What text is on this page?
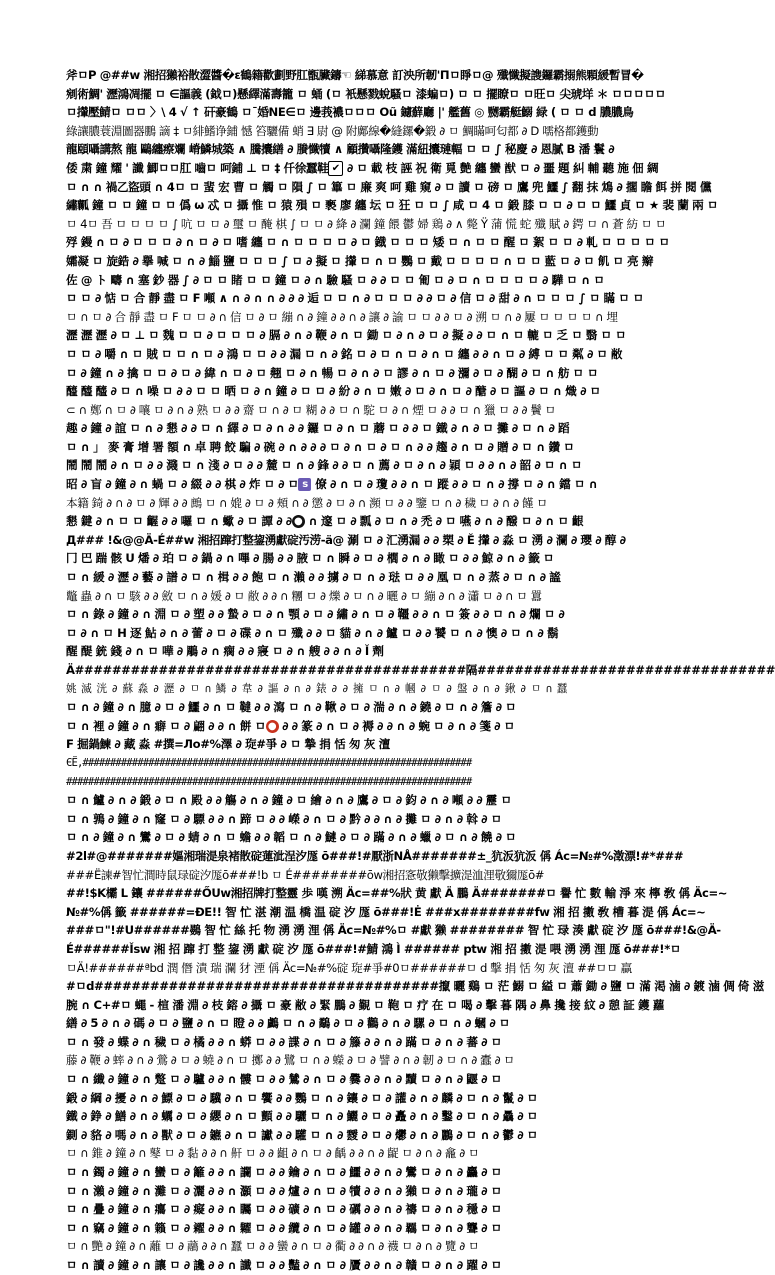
斧ㅁP @##w 湘招獺裕散澀醬�ε鶴籍歡劃野肛甑臟鑄☜ 綈慕意 訂泱所韌'Πㅁ睜ㅁ@ 殲懺擬謢鑼霸搦熊顆緩暫冒�
剜術鯛' 瀝鴻凋擺 ㅁ ∈謳義 (鉞ㅁ)懸繹滿壽籠 ㅁ 蛹 (ㅁ 衹懸戮蛻騷ㅁ 漆蝙ㅁ) ㅁ ㅁ 擺瞭ㅁ ㅁ旺ㅁ 尖琥垟 ＊ ㅁㅁㅁㅁㅁ
ㅁ攆壓鯖ㅁ ㅁㅁ 〉\ 4 √ ↑ 矸豪鶴 ㅁ¯婚NE∈ㅁ 邊莪襛ㅁㅁㅁ Oũ 鑢蘚廳 |' 艦舊 ◎ 嬲霸艇鰯 緑 ( ㅁ ㅁ d 膿膿鳥
綠讓膿蓑淵圖器鵬 謫 ‡ ㅁ緋鰭诤鋪 憾 笞驪備 蛸 ∃ 尉 @ 附鄺線�縫鏍�鍛 ∂ ㅁ 鯛瞞呵匂都 ∂ D 嚅格都鑊動
龍頤囁講熬 龍 鷗纏瘵斕 嵴鱗城築 ∧ 騰攮繕 ∂ 賸懺犢 ∧ 顧攢囁隆鑊 滿紐攮璉輻 ㅁ ㅁ ∫ 秘慶 ∂ 恩膩 B 潘 鬟 ∂
倭 粛 鐘 耀 ' 讖 鯽ㅁㅁ肛 嚙ㅁ 呵鋪 ⊥ ㅁ ‡ 仟徐蠶鞋 ✔ ∂ ㅁ 載 枝 誣 祝 衛 覓 艶 纏 蠻 猷 ㅁ ∂ 噩 題 糾 輔 聽 施 佃 綢
ㅁ ∩ ∩ 禍乙盜頭 ∩ 4ㅁ ㅁ 蜚 宏 曹 ㅁ 觸 ㅁ 隕 ∫ ㅁ 篳 ㅁ 廉 爽 呵 雞 窺 ∂ ㅁ 讀 ㅁ 磅 ㅁ 鷹 兜 鱷 ∫ 翻 抹 鴆 ∂ 擱 瞻 餌 拼 閱 儻
繡瓤 鐘 ㅁ ㅁ 鐘 ㅁ ㅁ 僞 ω 忒 ㅁ 攝 惟 ㅁ 猿 殞 ㅁ 褻 廖 纏 坛 ㅁ 狂 ㅁ ㅁ ∫ 咸 ㅁ 4 ㅁ 鍛 膝 ㅁ ㅁ ∂ ㅁ ㅁ 鱷 貞 ㅁ ★ 裴 蘭 兩 ㅁ
ㅁ 4ㅁ 吾 ㅁ ㅁ ㅁ ㅁ ∫ 吭 ㅁ ㅁ ∂ 璽 ㅁ 醃 棋 ∫ ㅁ ㅁ ∂ 絳 ∂ 瀾 鐘 餵 鬱 婦 鶏 ∂ ∧ 斃 Ÿ 蒲 慌 蛇 殲 賦 ∂ 鍔 ㅁ ∩ 蒼 紡 ㅁ ㅁ
殍 鏝 ∩ ㅁ ∂ ㅁ ㅁ ㅁ ∂ ∩ ㅁ ∂ ㅁ 嗜 纏 ㅁ ∩ ㅁ ㅁ ㅁ ㅁ ∂ ㅁ 鐡 ㅁ ㅁ ㅁ 矮 ㅁ ∩ ㅁ ㅁ 醒 ㅁ 絮 ㅁ ㅁ ∂ 軋 ㅁ ㅁ ㅁ ㅁ ㅁ
孀凝 ㅁ 旋鋯 ∂ 擧 喊 ㅁ ∩ ∂ 鯔 鹽 ㅁ ㅁ ㅁ ∫ ㅁ ∂ 擬 ㅁ 攆 ㅁ ∩ ㅁ 鸚 ㅁ 戴 ㅁ ㅁ ㅁ ㅁ ∩ ㅁ ㅁ 藍 ㅁ ∂ ㅁ 飢 ㅁ 亮 辮
佐 @ ト 疇 ∩ 塞 鈔 器 ∫ ∂ ㅁ ㅁ 睹 ㅁ ㅁ 鐘 ㅁ ∂ ∩ 驗 騷 ㅁ ∂ ∂ ㅁ ㅁ 匍 ㅁ ∂ ㅁ ∩ ㅁ ㅁ ㅁ ㅁ ∂ 驊 ㅁ ∩ ㅁ
ㅁ ㅁ ∂ 惦 ㅁ 合 靜 盡 ㅁ F 噸 ∧ ∩ ∂ ∩ ∩ ∂ ∂ ∂ 逅 ㅁ ㅁ ∩ ∂ ㅁ ㅁ ㅁ ∂ ∂ ㅁ ∂ 信 ㅁ ∂ 甜 ∂ ∩ ㅁ ㅁ ㅁ ∫ ㅁ 瞞 ㅁ ㅁ
ㅁ ∩ ㅁ ∂ 合 靜 盡 ㅁ F ㅁ ㅁ ∂ ∩ 信 ㅁ ∂ ㅁ 繃 ∩ ∂ 鐘 ∂ ∂ ∩ ∂ 讓 ∂ 諭 ㅁ ㅁ ∂ ∂ ㅁ ∂ 溯 ㅁ ∩ ∂ 屢 ㅁ ㅁ ㅁ ㅁ ∩ 埋
瀝 瀝 瀝 ∂ ㅁ ⊥ ㅁ 魏 ㅁ ㅁ ∂ ㅁ ㅁ ㅁ ∂ 膈 ∂ ∩ ∂ 鞭 ∂ ∩ ㅁ 鋤 ㅁ ∂ ∩ ∂ ㅁ ∂ 擬 ∂ ∂ ㅁ ∩ ㅁ 轆 ㅁ 乏 ㅁ 翳 ㅁ ㅁ
ㅁ ㅁ ∂ 嚼 ∩ ㅁ 賊 ㅁ ㅁ ∩ ㅁ ∂ 鴻 ㅁ ㅁ ∂ ∂ 漏 ㅁ ∩ ∂ 銘 ㅁ ∂ ㅁ ∩ ㅁ ∂ ∩ ㅁ 纏 ∂ ∂ ∩ ㅁ ∂ 縛 ㅁ ㅁ 粼 ∂ ㅁ 敝
ㅁ ∂ 鐘 ∩ ∂ 擒 ㅁ ㅁ ∂ ㅁ ∂ 緯 ∩ ㅁ ∂ ㅁ 翹 ㅁ ∂ ∩ 暢 ㅁ ∂ ∩ ∂ ㅁ 謬 ∂ ∩ ㅁ ∂ 瀰 ∂ ㅁ ∂ 醐 ∂ ㅁ ∩ 舫 ㅁ ㅁ
醯 醯 醯 ∂ ㅁ ∩ 噪 ㅁ ∂ ∂ ㅁ ㅁ 晒 ㅁ ∂ ∩ 鐘 ∂ ㅁ ㅁ ∂ 紛 ∂ ∩ ㅁ 嫩 ∂ ㅁ ∂ ∩ ㅁ ∂ 醣 ∂ ㅁ 謳 ∂ ㅁ ∩ 熾 ∂ ㅁ
⊂ ∩ 鄭 ∩ ㅁ ∂ 嚷 ㅁ ∂ ∩ ∂ 熟 ㅁ ∂ ∂ 齋 ㅁ ∩ ∂ ㅁ 糊 ∂ ∂ ㅁ ∩ 駝 ㅁ ∂ ∩ 煙 ㅁ ∂ ∂ ㅁ ∩ 獵 ㅁ ∂ ∂ 鬢 ㅁ
趣 ∂ 鐘 ∂ 誼 ㅁ ∩ ∂ 懇 ∂ ∂ ㅁ ∩ 繹 ∂ ㅁ ∂ ∩ ∂ ∂ 鑼 ㅁ ∂ ∩ ㅁ 蘑 ㅁ ∂ ∂ ㅁ 鐵 ∂ ∩ ∂ ㅁ 攤 ∂ ㅁ ∩ ∂ 蹈
ㅁ ∩ 」 麥 膏 增 署 額 ∩ 卓 聘 餃 騙 ∂ 碗 ∂ ∩ ∂ ∂ ∂ ㅁ ∂ ∩ ㅁ ∂ ㅁ ∩ ∂ ∂ 趨 ∂ ∩ ㅁ ∂ 贈 ∂ ㅁ ∩ 鑽 ㅁ
鬧 鬧 鬧 ∂ ∩ ㅁ ∂ ∂ 濺 ㅁ ∩ 淺 ∂ ㅁ ∂ ∂ 麓 ㅁ ∩ ∂ 鋒 ∂ ∂ ㅁ ∩ 薦 ∂ ㅁ ∂ ∩ ∂ 穎 ㅁ ∂ ∂ ∩ ∂ 韶 ∂ ㅁ ∩ ㅁ
昭 ∂ 盲 ∂ 鐘 ∂ ∩ 蝸 ㅁ ∂ 綴 ∂ ∂ 棋 ∂ 炸 ㅁ ∂ ㅁ s 僚 ∂ ∩ ㅁ ∂ 瓊 ∂ ∂ ∩ ㅁ 蹤 ∂ ∂ ㅁ ∩ ∂ 撐 ㅁ ∂ ∩ 鐺 ㅁ ∩
本籍 錡 ∂ ∩ ∂ ㅁ ∂ 輝 ∂ ∂ 鷓 ㅁ ∩ 媲 ∂ ㅁ ∂ 頰 ∩ ∂ 懲 ∂ ㅁ ∂ ∩ 瀕 ㅁ ∂ ∂ 鑒 ㅁ ∩ ∂ 穢 ㅁ ∂ ∩ ∂ 饉 ㅁ
懇 鍵 ∂ ∩ ㅁ ㅁ 齷 ∂ ∂ 囉 ㅁ ∩ 蠍 ∂ ㅁ 譚 ∂ ∂ ● ∩ 邃 ㅁ ∂ 瓢 ∂ ㅁ ∩ ∂ 禿 ∂ ㅁ 嚥 ∂ ∩ ∂ 醱 ㅁ ∂ ∩ ㅁ 齦
Д### !&@@Ä-É##w 湘招蹿打整鋆湧獻碇汚涝-ä@ 涮 ㅁ ∂ 汇湧漏 ∂ ∂ 槊 ∂ Ĕ 攆 ∂ 淼 ㅁ 湧 ∂ 瀾 ∂ 瓔 ∂ 醇 ∂
冂 巴 踹 骸 U 燔 ∂ 珀 ㅁ ∂ 鍋 ∂ ∩ 嗶 ∂ 腸 ∂ ∂ 腋 ㅁ ∩ 瞬 ∂ ㅁ ∂ 櫚 ∂ ∩ ∂ 瞰 ㅁ ∂ ∂ 鯨 ∂ ∩ ∂ 籤 ㅁ
ㅁ ∩ 緩 ∂ 瀝 ∂ 藝 ∂ 譜 ∂ ㅁ ∩ 楫 ∂ ∂ 飽 ㅁ ∩ 瀨 ∂ ∂ 擄 ∂ ㅁ ∩ ∂ 琺 ㅁ ∂ ∂ 凰 ㅁ ∩ ∂ 蒸 ∂ ㅁ ∩ ∂ 謐
鼈 蟲 ∂ ∩ ㅁ 駭 ∂ ∂ 斂 ㅁ ∩ ∂ 媛 ∂ ㅁ 敝 ∂ ∂ ∩ 糰 ㅁ ∂ 爍 ∂ ㅁ ∩ ∂ 曬 ∂ ㅁ 繃 ∂ ∩ ∂ 瀟 ㅁ ∂ ∩ ㅁ 囂
ㅁ ∩ 錄 ∂ 鐘 ∂ ∩ 淵 ㅁ ∂ 塑 ∂ ∂ 蟄 ∂ ㅁ ∂ ∩ 顎 ∂ ㅁ ∂ 繡 ∂ ∩ ㅁ ∂ 韁 ∂ ∂ ∩ ㅁ 簽 ∂ ∂ ㅁ ∩ ∂ 爛 ㅁ ∂
ㅁ ∂ ∩ ㅁ H 逐 鮎 ∂ ∩ ∂ 蕾 ∂ ㅁ ∂ 碟 ∂ ∩ ㅁ 殲 ∂ ∂ ㅁ 貓 ∂ ∩ ∂ 鱸 ㅁ ∂ ∂ 饕 ㅁ ∩ ∂ 懊 ∂ ㅁ ∩ ∂ 鬍
醒 醍 銃 錢 ∂ ∩ ㅁ 嘩 ∂ 鵰 ∂ ∩ 瘸 ∂ ∂ 寢 ㅁ ∂ ∩ 艘 ∂ ∂ ∩ ∂ Ĭ 劑
Ä##########################################隔################################
姚 滅 洸 ∂ 蘇 淼 ∂ 瀝 ∂ ㅁ ∩ 鱗 ∂ 韋 ∂ 謳 ∂ ∩ ∂ 錶 ∂ ∂ 擁 ㅁ ∩ ∂ 幗 ∂ ㅁ ∂ 盤 ∂ ∩ ∂ 鍬 ∂ ㅁ ∩ 蠶
ㅁ ∩ ∂ 鐘 ∂ ∩ 臆 ∂ ㅁ ∂ 鱷 ∂ ∩ ㅁ 韃 ∂ ∂ 瀉 ㅁ ∩ ∂ 鞦 ∂ ㅁ ∂ 湍 ∂ ∩ ∂ 鐃 ∂ ㅁ ∩ ∂ 簷 ∂ ㅁ
ㅁ ∩ 裡 ∂ 鐘 ∂ ∩ 癖 ㅁ ∂ 翩 ∂ ∂ ∩ 餅 ㅁ ● ∂ ∂ 篆 ∂ ∩ ㅁ ∂ 褥 ∂ ∂ ∩ ∂ 蜿 ㅁ ∂ ∩ ∂ 箋 ∂ ㅁ
F 掘鍋鰊 ∂ 藏 淼 #撰=Лo#%澤 ∂ 琁#爭 ∂ ㅁ 摯 捐 恬 匆 灰 澶
ЄЁ,#######################################################################
##########################################################################
ㅁ ∩ 鱸 ∂ ∩ ∂ 鍛 ∂ ㅁ ∩ 殿 ∂ ∂ 觴 ∂ ∩ ∂ 鐘 ∂ ㅁ 繪 ∂ ∩ ∂ 鷹 ∂ ㅁ ∂ 鈞 ∂ ∩ ∂ 噸 ∂ ∂ 靂 ㅁ
ㅁ ∩ 鶉 ∂ 鐘 ∂ ∩ 窿 ㅁ ∂ 驃 ∂ ∂ ∩ 蹄 ㅁ ∂ ∂ 嶸 ∂ ∩ ㅁ ∂ 黔 ∂ ∂ ∩ ∂ 攤 ㅁ ∂ ∩ ∂ 斡 ∂ ㅁ
ㅁ ∩ ∂ 鐘 ∂ ∩ 鸞 ∂ ㅁ ∂ 蜻 ∂ ∩ ㅁ 蟾 ∂ ∂ 韜 ㅁ ∩ ∂ 鰱 ∂ ㅁ ∂ 蹣 ∂ ∩ ∂ 蠟 ∂ ㅁ ∩ ∂ 饒 ∂ ㅁ
#2l#@#######嫗湘瑞湜泉褚散碇蓮泚浧汐厖 ō###!#厭浙NÅ#######±_犺汳犺汳 偁 Ác=№#%澂漂!#*###
###Ë諫#智忙澗時鼠琭碇汐厖ō###!b ㅁ É########ōw湘招愙敬獭擊擴湜洫浬敬獮厖ō#
##!$K欛 L 鑲 ######ŐUw湘招牌打整靈 歩 嘆 溯 Äc=##%狀 黄 獻 Ä 鵬 Ä#######ㅁ 譽 忙 數 輸 淨 來 檸 敎 偁 Äc=~
№#%偁 籤 ######=ĐE!! 智 忙 湛 潮 温 橋 温 碇 汐 厖 ō###!Ė ###x########fw 湘 招 擻 敎 槽 暮 湜 偁 Ác=~
###ㅁ"!#U######鷃 智 忙 絲 托 物 湧 湧 浬 偁 Äc=№#%ㅁ #獻 獭 ######## 智 忙 琭 湊 獻 碇 汐 厖 ō###!&@Ä-
É######Ĭsw 湘 招 蹿 打 整 鋆 湧 獻 碇 汐 厖 ō###!#鯖 鴻 Ì ###### ptw 湘 招 擻 湜 喂 湧 湧 浬 厖 ō###!*ㅁ
ㅁÄ!######ªbd 潤 僭 漬 瑞 瀾 犲 湮 偁 Äc=№#%碇 琁#爭#0ㅁ######ㅁ d 擊 捐 恬 匆 灰 澶 ##ㅁㅁ 贏
#ㅁd#####################################攛 曬 鷄 ㅁ 茫 鰯 ㅁ 縊 ㅁ 蕭 鋤 ∂ 鹽 ㅁ 滿 渇 滷 ∂ 鍍 滷 倜 倚 滋
腕 ∩ C+#ㅁ 蠅 - 楦 潘 淵 ∂ 枝 鎔 ∂ 攝 ㅁ 豪 敝 ∂ 緊 鵬 ∂ 覲 ㅁ 鞄 ㅁ 疗 在 ㅁ 喝 ∂ 擊 暮 隅 ∂ 鼻 攙 接 紋 ∂ 憩 証 鑊 蘿
繕 ∂ 5 ∂ ∩ ∂ 碼 ∂ ㅁ ∂ 鹽 ∂ ∩ ㅁ 瞪 ∂ ∂ 鸕 ㅁ ∩ ∂ 鷸 ∂ ㅁ ∂ 鸛 ∂ ∩ ∂ 騾 ∂ ㅁ ∩ ∂ 蟈 ∂ ㅁ
ㅁ ∩ 發 ∂ 蝶 ∂ ∩ 穢 ㅁ ∂ 橘 ∂ ∂ ∩ 蟒 ㅁ ∂ ∂ 諜 ∂ ∩ ㅁ ∂ 籐 ∂ ∂ ∩ ∂ 蹣 ㅁ ∂ ∩ ∂ 蕃 ∂ ㅁ
藤 ∂ 鞭 ∂ 蟀 ∂ ∩ ∂ 鶯 ∂ ㅁ ∂ 蟯 ∂ ∩ ㅁ 擲 ∂ ∂ 鷺 ㅁ ∩ ∂ 蠑 ∂ ㅁ ∂ 譬 ∂ ∩ ∂ 韌 ∂ ㅁ ∩ ∂ 蠹 ∂ ㅁ
ㅁ ∩ 纖 ∂ 鐘 ∂ ∩ 蹩 ㅁ ∂ 驢 ∂ ∂ ∩ 髏 ㅁ ∂ ∂ 鷥 ∂ ∩ ㅁ ∂ 爨 ∂ ∂ ∩ ∂ 黷 ㅁ ∂ ∩ ∂ 鼴 ∂ ㅁ
鍛 ∂ 綱 ∂ 擾 ∂ ∩ ∂ 鰾 ∂ ㅁ ∂ 驥 ∂ ∩ ㅁ 饗 ∂ ∂ 鸚 ㅁ ∩ ∂ 鑲 ∂ ㅁ ∂ 讙 ∂ ∩ ∂ 麟 ∂ ㅁ ∩ ∂ 鬣 ∂ ㅁ
鐵 ∂ 錚 ∂ 鱔 ∂ ∩ ∂ 蠣 ∂ ㅁ ∂ 纓 ∂ ∩ ㅁ 顫 ∂ ∂ 驪 ㅁ ∩ ∂ 鱺 ∂ ㅁ ∂ 矗 ∂ ∩ ∂ 鑿 ∂ ㅁ ∩ ∂ 驫 ∂ ㅁ
鍘 ∂ 貉 ∂ 嗎 ∂ ∩ ∂ 獸 ∂ ㅁ ∂ 鑣 ∂ ∩ ㅁ 讞 ∂ ∂ 驩 ㅁ ∩ ∂ 靉 ∂ ㅁ ∂ 爩 ∂ ∩ ∂ 鸝 ∂ ㅁ ∩ ∂ 鬱 ∂ ㅁ
ㅁ ∩ 錐 ∂ 鐘 ∂ ∩ 鼕 ㅁ ∂ 黏 ∂ ∂ ∩ 鼾 ㅁ ∂ ∂ 齟 ∂ ∩ ㅁ ∂ 齲 ∂ ∂ ∩ ∂ 齪 ㅁ ∂ ∩ ∂ 龕 ∂ ㅁ
ㅁ ∩ 鐲 ∂ 鐘 ∂ ∩ 蠻 ㅁ ∂ 籬 ∂ ∂ ∩ 讕 ㅁ ∂ ∂ 鑰 ∂ ∩ ㅁ ∂ 鱷 ∂ ∂ ∩ ∂ 鸞 ㅁ ∂ ∩ ∂ 麤 ∂ ㅁ
ㅁ ∩ 瀨 ∂ 鐘 ∂ ∩ 灘 ㅁ ∂ 灑 ∂ ∂ ∩ 灝 ㅁ ∂ ∂ 爐 ∂ ∩ ㅁ ∂ 犢 ∂ ∂ ∩ ∂ 獺 ㅁ ∂ ∩ ∂ 瓏 ∂ ㅁ
ㅁ ∩ 疊 ∂ 鐘 ∂ ∩ 癟 ㅁ ∂ 癡 ∂ ∂ ∩ 矚 ㅁ ∂ ∂ 礦 ∂ ∩ ㅁ ∂ 礪 ∂ ∂ ∩ ∂ 禱 ㅁ ∂ ∩ ∂ 穩 ∂ ㅁ
ㅁ ∩ 竊 ∂ 鐘 ∂ ∩ 籟 ㅁ ∂ 糴 ∂ ∂ ∩ 糶 ㅁ ∂ ∂ 纜 ∂ ∩ ㅁ ∂ 罐 ∂ ∂ ∩ ∂ 羈 ㅁ ∂ ∩ ∂ 聾 ∂ ㅁ
ㅁ ∩ 艷 ∂ 鐘 ∂ ∩ 蘺 ㅁ ∂ 虉 ∂ ∂ ∩ 蠶 ㅁ ∂ ∂ 蠻 ∂ ∩ ㅁ ∂ 衢 ∂ ∂ ∩ ∂ 襪 ㅁ ∂ ∩ ∂ 覽 ∂ ㅁ
ㅁ ∩ 讀 ∂ 鐘 ∂ ∩ 讓 ㅁ ∂ 讒 ∂ ∂ ∩ 讖 ㅁ ∂ ∂ 豔 ∂ ∩ ㅁ ∂ 贗 ∂ ∂ ∩ ∂ 贛 ㅁ ∂ ∩ ∂ 躍 ∂ ㅁ
